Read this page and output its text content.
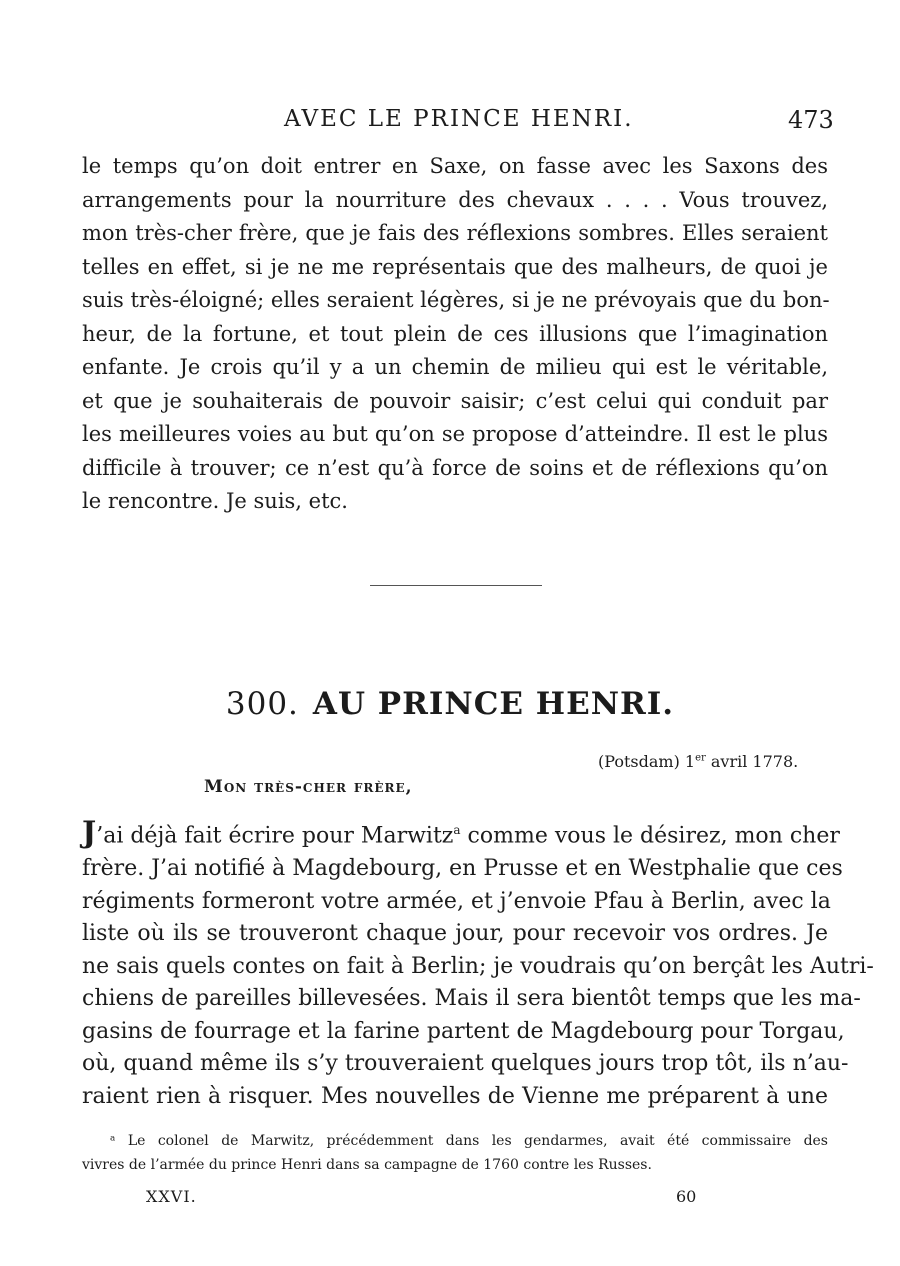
AVEC LE PRINCE HENRI.	473
le temps qu’on doit entrer en Saxe, on fasse avec les Saxons des
arrangements pour la nourriture des chevaux . . . . Vous trouvez,
mon très-cher frère, que je fais des réflexions sombres. Elles seraient
telles en effet, si je ne me représentais que des malheurs, de quoi je
suis très-éloigné; elles seraient légères, si je ne prévoyais que du bon-
heur, de la fortune, et tout plein de ces illusions que l’imagination
enfante. Je crois qu’il y a un chemin de milieu qui est le véritable,
et que je souhaiterais de pouvoir saisir; c’est celui qui conduit par
les meilleures voies au but qu’on se propose d’atteindre. Il est le plus
difficile à trouver; ce n’est qu’à force de soins et de réflexions qu’on
le rencontre. Je suis, etc.
300. AU PRINCE HENRI.
(Potsdam) 1er avril 1778.
Mon très-cher frère,
J’ai déjà fait écrire pour Marwitz$^a$ comme vous le désirez, mon cher
frère. J’ai notifié à Magdebourg, en Prusse et en Westphalie que ces
régiments formeront votre armée, et j’envoie Pfau à Berlin, avec la
liste où ils se trouveront chaque jour, pour recevoir vos ordres. Je
ne sais quels contes on fait à Berlin; je voudrais qu’on berçât les Autri-
chiens de pareilles billevesées. Mais il sera bientôt temps que les ma-
gasins de fourrage et la farine partent de Magdebourg pour Torgau,
où, quand même ils s’y trouveraient quelques jours trop tôt, ils n’au-
raient rien à risquer. Mes nouvelles de Vienne me préparent à une
ᵃ Le colonel de Marwitz, précédemment dans les gendarmes, avait été commissaire des
vivres de l’armée du prince Henri dans sa campagne de 1760 contre les Russes.
XXVI.	60
